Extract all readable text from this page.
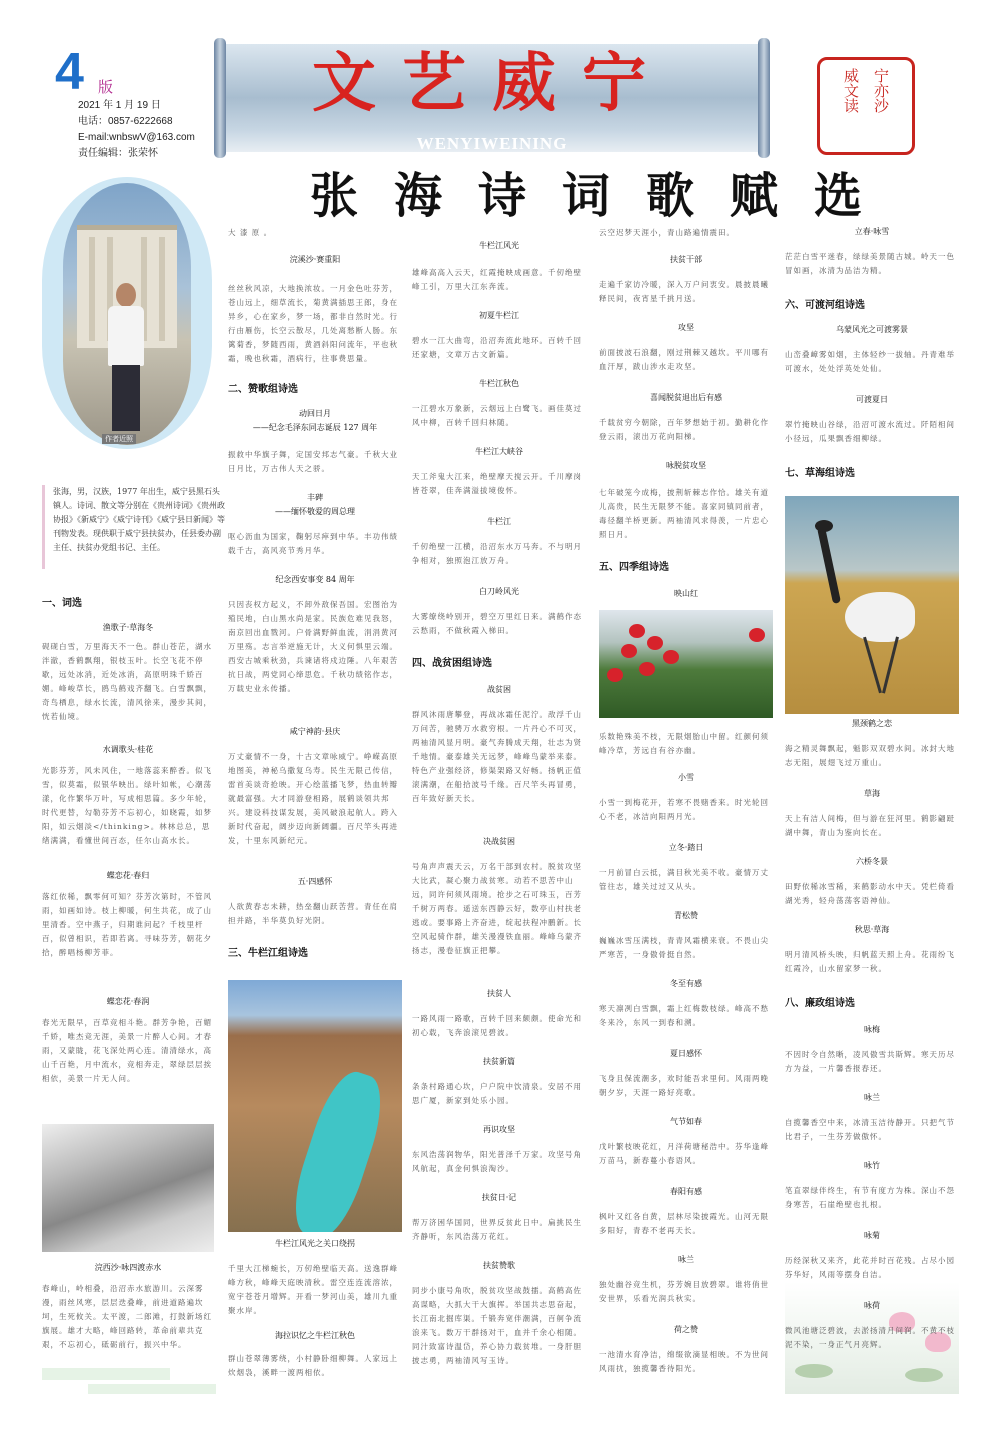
4 版
2021 年 1 月 19 日
电话：0857-6222668
E-mail:wnbswV@163.com
责任编辑：张荣怀
文艺威宁
WENYIWEINING
宁亦沙
威文读
张海诗词歌赋选
作者近照
张海，男，汉族，1977 年出生，威宁县黑石头镇人。诗词、散文等分别在《贵州诗词》《贵州政协报》《新威宁》《威宁诗刊》《威宁县日新闻》等刊物发表。现供职于威宁县扶贫办，任县委办副主任、扶贫办党组书记、主任。
一、词选
渔歌子·草海冬
砚砚白雪，万里海天不一色。群山苍茫，湖水泮澈，香鹤飘翔，银枝玉叶。长空飞花不停歇，远处冰消，近处冰消，高原明珠千娇百媚。峰峻草长，鸥鸟鹤戏齐翻飞。白雪飘飘，奇鸟栖息，绿水长流，清风徐来，漫步其间，恍若仙境。
水调歌头·桂花
光影芬芳，风未风住，一地落蕊来醉香。似飞雪，似莫霜，似银华映出。绿叶如帐，心潮荡漾，化作繁华万叶，写成相思篇。多少年轮，时代更替，勾勒芬芳不忘初心，如晓霞，如梦阳，如云烟淡</thinking>。林林总总，思绪满满，看懂世间百态，任尔山高水长。
蝶恋花·春归
落红依稀，飘零何可知？芬芳次第时，不管风雨，如画如诗。枝上柳暖，何生共花，成了山里清香。空中燕子，归期谁问起？千枝里杆百，似曾相识，若即若离。寻味芬芳，朝花夕拾，醉唱杨柳芳菲。
蝶恋花·春润
春光无限早，百草竞相斗艳。群芳争艳，百媚千娇，唯杰竞无涯，美景一片醉人心间。才春雨，又蒙眬，花飞深处两心连。清清绿水，高山千百艳，月中流水，竞相奔走，翠绿层层挨相依，美景一片无人问。
浣西沙·咏四渡赤水
春峰山，岭相叠，沿沼赤水旅游川。云深雾漫，雨丝风寒，层层迭叠峰，前进道路遍坎坷，生死攸关。太平渡，二郎滩，打鼓新场红旗展。雄才大略，峰回路转，革命前辈共克艰，不忘初心，砥砺前行，振兴中华。
大 漆 原 。
浣溪沙·赛重阳
丝丝秋风凉，大地换浓妆。一月金色吐芬芳，苍山远上，细草流长，菊黄满插思王郎，身在异乡，心在家乡，梦一场，都非自然时光。行行由雁伤，长空云散尽，几处离愁断人肠。东篱菊香，梦随西雨，黄酒斜阳问流年，平也秋霜，晚也秋霜，酒病行，往事费思量。
二、赞歌组诗选
动回日月
——纪念毛泽东同志诞辰 127 周年
振救中华旗子舞，定国安邦志气豪。千秋大业日月比，万古伟人天之骄。
丰碑
——缅怀敬爱的周总理
呕心沥血为国家，鞠躬尽瘁到中华。丰功伟绩载千古，高风亮节秀月华。
纪念西安事变 84 周年
只因丧权方起义，不卸外敌保吾国。宏图治为殖民地，白山黑水尚是家。民族危难见我怒，南京回出血戮河。户骨满野鲜血流，涓涓黄河万里殇。志言举逆施无计，大义何惧里云端。西安古城乘秋劲，兵谏诸将戍边陲。八年艰苦抗日战，两党同心缔思危。千秋功绩铭作志，万载史业永传播。
咸宁神韵·县庆
万丈豪情不一身，十古文章咏威宁。峥嵘高原地图美，神秘乌撒复乌寿。民生无限己传信，雷首美谈奇抢映。开心绘蓝播飞梦，热血转瓣就最富强。大才同游登相路，展鹤谈领共邦兴。建设科技谋发展，美风破浪起航人。跨入新时代奋起，阔步迈向新阔疆。百尺竿头再进发，十里东风新纪元。
五·四感怀
人欲黄春志未耕，热垒翻山跃苦营。青任在肩担并路，半华莫负好光阴。
三、牛栏江组诗选
牛栏江风光之关口绕拐
千里大江梯蜿长，万仞绝壁临天高。送逸群峰峰方秋，峰峰天庭映清秋。雷空连连流溶浓，宽宇苍苍月增辉。开看一梦河山美，雄川九重聚水岸。
海拉识忆之牛栏江秋色
群山苍翠薄雾绕，小村静卧细柳舞。人家远上炊烟袅，溪畔一渡两相依。
牛栏江风光
雄峰高高入云天，红霞掩映成画意。千仞绝壁峰工引，万里大江东奔流。
初夏牛栏江
碧水一江大曲弯，沿沼奔流此地环。百转千回还家塘，文章万古文新篇。
牛栏江秋色
一江碧水万象新，云烟远上白鹭飞。画佳莫过风中柳，百转千回归林随。
牛栏江大峡谷
天工斧鬼大江来，绝壁摩天搅云开。千川摩岗皆苍翠，佳奔满溢拔境俊怀。
牛栏江
千仞绝壁一江横，沿沼东水万马奔。不与明月争相对，独照泡江放万舟。
白刀岭风光
大雾缭绕岭别开，碧空万里红日来。满鹤作态云愁雨，不做秋霞入梯田。
四、战贫困组诗选
战贫困
群风沐雨唐攀登，再战冰霜任泥泞。敌浮千山万问苦，驰骋万水救穷根。一片丹心不可灭，两袖清风显月明。豪气奔腾成天翔，壮志为贤千地情。豪泰雄关无远梦，峰峰鸟蒙举来泰。特色产业强经济，修渠架路又好畅。扬帆正值滚满潮，在船拾波号千缘。百尺竿头再冒勇，百年致好新天长。
决战贫困
号角声声震天云，万名干部到农村。脱贫攻坚大比武，凝心聚力战贫寒。动若不思苦中山远，同许何须风雨境。抢步之石可珠玉，百芳千树万两春。遥送东西静云好，数亭山村扶老逃或。要事路上齐奋进，绽起扶程冲鹏新。长空风起骑作群，雄关漫漫铁血丽。峰峰乌蒙齐扬志，漫卷征旗正把攀。
扶贫人
一路风雨一路歌，百转千回来颇颇。使命光和初心载，飞奔浪滚见碧波。
扶贫新篇
条条村路通心坎，户户院中饮清泉。安居不用思广厦，新家到处乐小园。
再识攻坚
东风浩荡润物华，阳光普泽千万家。攻坚号角风航起，真金何惧浪淘沙。
扶贫日·记
帮万济困华国同，世界反贫此日中。扁挑民生齐静听，东风浩荡万花红。
扶贫赞歌
同步小康号角吹，脱贫攻坚战鼓擂。高鹤高佐高谋略，大抓大干大旗挥。举国共志思奋起，长江南北掘库渠。千锻奔宽伴潮满，百舸争流浪来飞。数万干群扬对干，血并千余心相随。同汁致富诗温岱，养心协力载贫堆。一身肝胆披志勇，两袖清风写玉诗。
云空迟梦天涯小，青山路遍情震田。
扶贫干部
走遍千家访冷暖，深入万户问衷安。晨披晨曦释民间，夜宵星千挑月送。
攻坚
前面披波石浪翻，刚过荆棘又越坎。平川哪有血汗厚，跋山涉水走攻坚。
喜闻脱贫退出后有感
千载贫穷今朝除，百年梦想始于初。勤耕化作登云雨，滚出万花向阳梯。
咏脱贫攻坚
七年破笼今成梅，披荆斩棘志作恰。雄关有道儿高贵，民生无限梦不能。喜家同镇同前者，毒径翻羊桥更新。两袖清风求得羡，一片忠心照日月。
五、四季组诗选
映山红
乐数艳殊美不枝，无限烟胎山中留。红颜何须峰冷草，芳远自有谷亦幽。
小雪
小雪一到梅花开，若寒不畏赌香来。时光轮回心不老，冰洁向阳两月光。
立冬·踏日
一月前冒白云抵，满目秋光美不收。豪情万丈管往志，雄关过过又从头。
青松赞
巍巍冰雪压满枝，青青风霜横来衰。不畏山尖严寒苦，一身傲骨挺自然。
冬至有感
寒天凛冽白雪飘，霜上红梅数枝绿。峰高不愁冬来冷，东风一到春和溯。
夏日感怀
飞身且保流潮多，欢时能吾求里何。风雨两晚朝夕岁，天涯一路好亮歌。
气节如春
戊叶繁枝映花红，月洋荷塘秘浩中。芬华逢峰万苗马，新春蔓小春语风。
春阳有感
枫叶又红各自黄，层林尽染披霞光。山河无限多阳好，青春不老再天长。
咏兰
独处幽谷竞生机，芬芳婉目放碧翠。谁将俏世安世界，乐看光润兵秋实。
荷之赞
一池清水育净洁，绵缀欲滴显相映。不为世间风雨扰，独揽馨香待阳光。
立春·咏雪
茫茫白雪平迷春，绿绿美景随古城。岭天一色冒如画，冰清为品洁为精。
六、可渡河组诗选
乌蒙风光之可渡雾景
山峦叠嶂雾如烟，主体轻纱一拔轴。丹青难举可渡水，处处浮英处处仙。
可渡夏日
翠竹掩映山谷绿，沿沼可渡水流过。阡陌相间小径远，瓜果飘香细柳绿。
七、草海组诗选
黑颈鹤之恋
海之精灵舞飘起，魁影双双碧水间。冰封大地志无阻，展翅飞过万重山。
草海
天上有洁人间梅，但与游在狂河里。鹤影翩跹湖中舞，青山为鉴向长在。
六桥冬景
田野依稀冰雪稀，来鹤影动水中天。凭栏倚看湖光秀，轻舟荡荡客语神仙。
秋思·草海
明月清风桥头映，归帆蓝天照上舟。花雨纷飞红霞冷，山水留家梦一秋。
八、廉政组诗选
咏梅
不因时令自然晰，凌风傲雪共斯辉。寒天历尽方为益，一片馨香报春还。
咏兰
自揽馨香空中来，冰清玉洁待静开。只把气节比君子，一生芬芳做傲怀。
咏竹
笔直翠绿伴终生，有节有度方为株。深山不怨身寒苦，石崖绝壁也扎根。
咏菊
历经深秋又来齐，此花并时百花残。占尽小园芬华好，风雨等摆身自洁。
咏荷
微风池塘泛碧波，去淤扬清月间润。不黄不枝泥不染，一身正气月亮辉。
